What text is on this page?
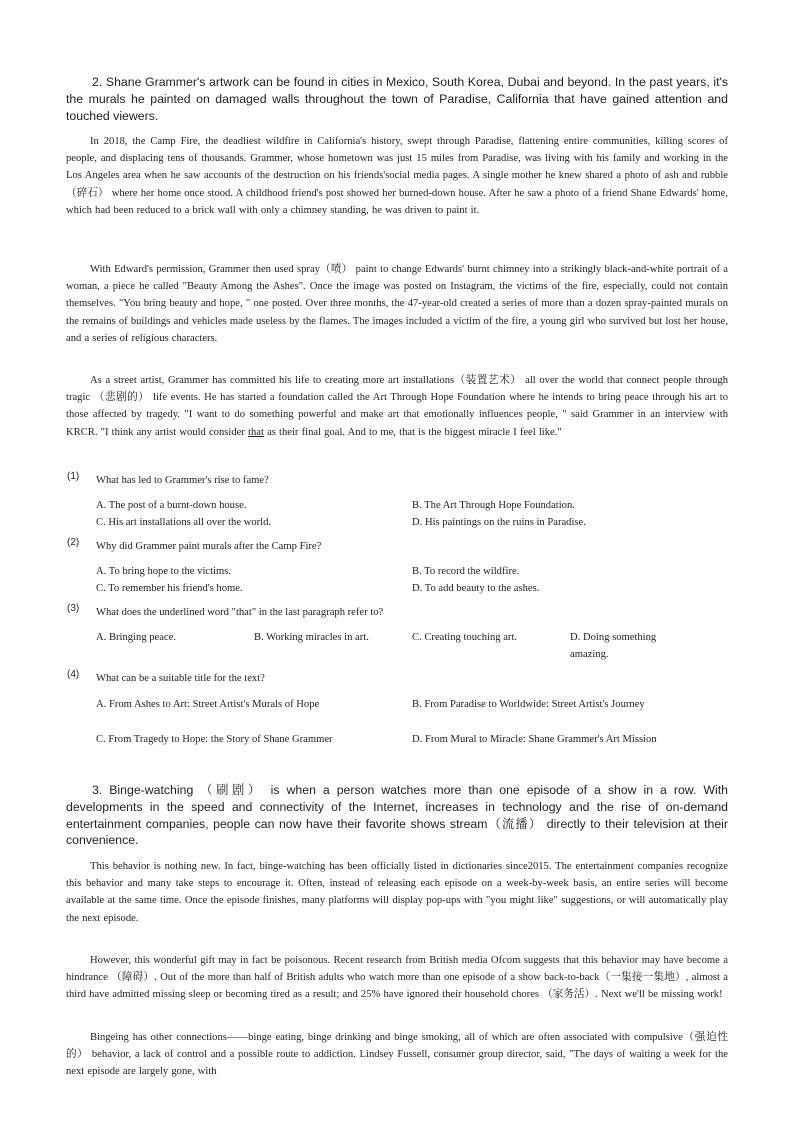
2. Shane Grammer's artwork can be found in cities in Mexico, South Korea, Dubai and beyond. In the past years, it's the murals he painted on damaged walls throughout the town of Paradise, California that have gained attention and touched viewers.

In 2018, the Camp Fire, the deadliest wildfire in California's history, swept through Paradise, flattening entire communities, killing scores of people, and displacing tens of thousands. Grammer, whose hometown was just 15 miles from Paradise, was living with his family and working in the Los Angeles area when he saw accounts of the destruction on his friends'social media pages. A single mother he knew shared a photo of ash and rubble（碎石） where her home once stood. A childhood friend's post showed her burned-down house. After he saw a photo of a friend Shane Edwards' home, which had been reduced to a brick wall with only a chimney standing, he was driven to paint it.

With Edward's permission, Grammer then used spray（喷） paint to change Edwards' burnt chimney into a strikingly black-and-white portrait of a woman, a piece he called "Beauty Among the Ashes". Once the image was posted on Instagram, the victims of the fire, especially, could not contain themselves. "You bring beauty and hope, " one posted. Over three months, the 47-year-old created a series of more than a dozen spray-painted murals on the remains of buildings and vehicles made useless by the flames. The images included a victim of the fire, a young girl who survived but lost her house, and a series of religious characters.

As a street artist, Grammer has committed his life to creating more art installations（装置艺术） all over the world that connect people through tragic （悲剧的） life events. He has started a foundation called the Art Through Hope Foundation where he intends to bring peace through his art to those affected by tragedy. "I want to do something powerful and make art that emotionally influences people, " said Grammer in an interview with KRCR. "I think any artist would consider that as their final goal. And to me, that is the biggest miracle I feel like."

(1) What has led to Grammer's rise to fame?
A. The post of a burnt-down house.	B. The Art Through Hope Foundation.
C. His art installations all over the world.	D. His paintings on the ruins in Paradise.
(2) Why did Grammer paint murals after the Camp Fire?
A. To bring hope to the victims.	B. To record the wildfire.
C. To remember his friend's home.	D. To add beauty to the ashes.
(3) What does the underlined word "that" in the last paragraph refer to?
A. Bringing peace.	B. Working miracles in art.	C. Creating touching art.	D. Doing something amazing.
(4) What can be a suitable title for the text?
A. From Ashes to Art: Street Artist's Murals of Hope	B. From Paradise to Worldwide: Street Artist's Journey
C. From Tragedy to Hope: the Story of Shane Grammer	D. From Mural to Miracle: Shane Grammer's Art Mission

3. Binge-watching （刷剧） is when a person watches more than one episode of a show in a row. With developments in the speed and connectivity of the Internet, increases in technology and the rise of on-demand entertainment companies, people can now have their favorite shows stream（流播） directly to their television at their convenience.

This behavior is nothing new. In fact, binge-watching has been officially listed in dictionaries since2015. The entertainment companies recognize this behavior and many take steps to encourage it. Often, instead of releasing each episode on a week-by-week basis, an entire series will become available at the same time. Once the episode finishes, many platforms will display pop-ups with "you might like" suggestions, or will automatically play the next episode.

However, this wonderful gift may in fact be poisonous. Recent research from British media Ofcom suggests that this behavior may have become a hindrance （障碍）. Out of the more than half of British adults who watch more than one episode of a show back-to-back（一集接一集地）, almost a third have admitted missing sleep or becoming tired as a result; and 25% have ignored their household chores （家务活）. Next we'll be missing work!

Bingeing has other connections——binge eating, binge drinking and binge smoking, all of which are often associated with compulsive（强迫性的） behavior, a lack of control and a possible route to addiction. Lindsey Fussell, consumer group director, said, "The days of waiting a week for the next episode are largely gone, with
